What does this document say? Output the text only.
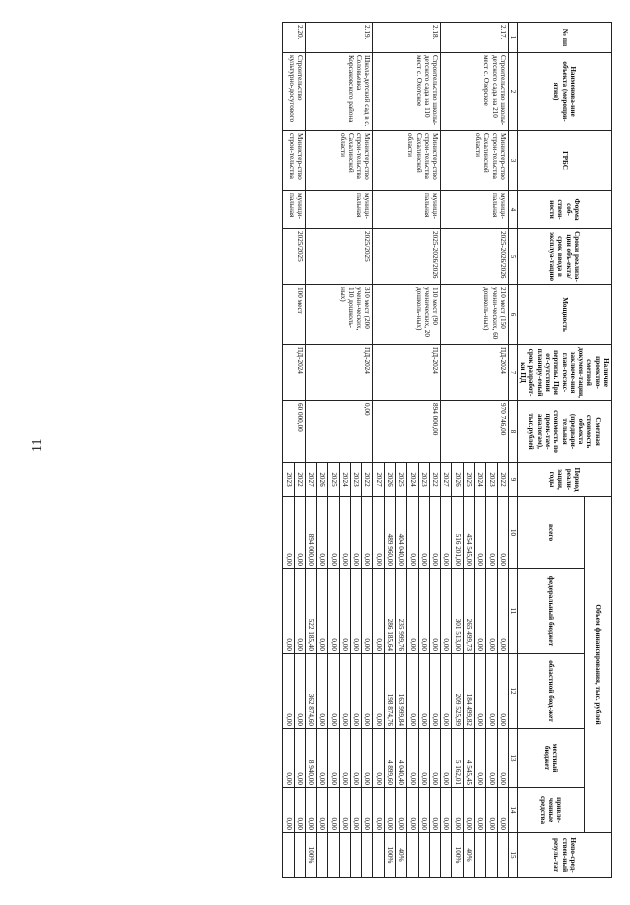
11
№ пп	Наименова-ние объекта (меропри-ятия)	ГРБС	Форма соб-ствен-ности	Сроки реализа-ции объ-екта/срок ввода в эксплуа-тацию	Мощность	Наличие проектно-сметной докумен-тации, заключе-ния глав-госэкс-пертизы. При от-сутствии планиру-емый срок разработ-ки ПД	Сметная стоимость объекта (предвари-тельная стоимость по проек-там-аналогам), тыс.рублей	Период реали-зации, годы	Объем финансирования, тыс. рублей					Непо-сред-ствен-ный резуль-тат
									всего	федеральный бюджет	областной бюд-жет	местный бюджет	привле-ченные средства	
1	2	3	4	5	6	7	8	9	10	11	12	13	14	15
2.17.	Строительство школы-детского сада на 210 мест с. Озерское	Министер-ство строи-тельства Сахалинской области	муници-пальная	2025-2026/2026	210 мест (150 учени-ческих, 60 дошколь-ных)	ПД-2024	970 746,00	2022	0,00	0,00	0,00	0,00	0,00	
								2023	0,00	0,00	0,00	0,00	0,00	
								2024	0,00	0,00	0,00	0,00	0,00	
								2025	454 545,00	265 499,73	184 499,82	4 545,45	0,00	40%
								2026	516 201,00	301 513,00	209 525,99	5 162,01	0,00	100%
								2027	0,00	0,00	0,00	0,00	0,00	
2.18.	Строительство школы-детского сада на 110 мест с. Охотское	Министер-ство строи-тельства Сахалинской области	муници-пальная	2025-2026/2026	110 мест (90 ученических, 20 дошколь-ных)	ПД-2024	894 000,00	2022	0,00	0,00	0,00	0,00	0,00	
								2023	0,00	0,00	0,00	0,00	0,00	
								2024	0,00	0,00	0,00	0,00	0,00	
								2025	404 040,00	235 999,76	163 999,84	4 040,40	0,00	40%
								2026	489 960,00	286 185,64	198 874,76	4 899,60	0,00	100%
								2027	0,00	0,00	0,00	0,00	0,00	
2.19.	Школа-детский сад в с. Соловьевка Корсаковского района	Министер-ство строи-тельства Сахалинской области	муници-пальная	2025/2025	310 мест (200 учени-ческих, 110 дошколь-ных)	ПД-2024	0,00	2022	0,00	0,00	0,00	0,00	0,00	
								2023	0,00	0,00	0,00	0,00	0,00	
								2024	0,00	0,00	0,00	0,00	0,00	
								2025	0,00	0,00	0,00	0,00	0,00	
								2026	0,00	0,00	0,00	0,00	0,00	
								2027	894 000,00	522 185,40	362 874,60	8 940,00	0,00	100%
2.20.	Строительство культурно-досугового	Министер-ство строи-тельства	муници-пальная	2025/2025	100 мест	ПД-2024	60 000,00	2022	0,00	0,00	0,00	0,00	0,00	
								2023	0,00	0,00	0,00	0,00	0,00	
